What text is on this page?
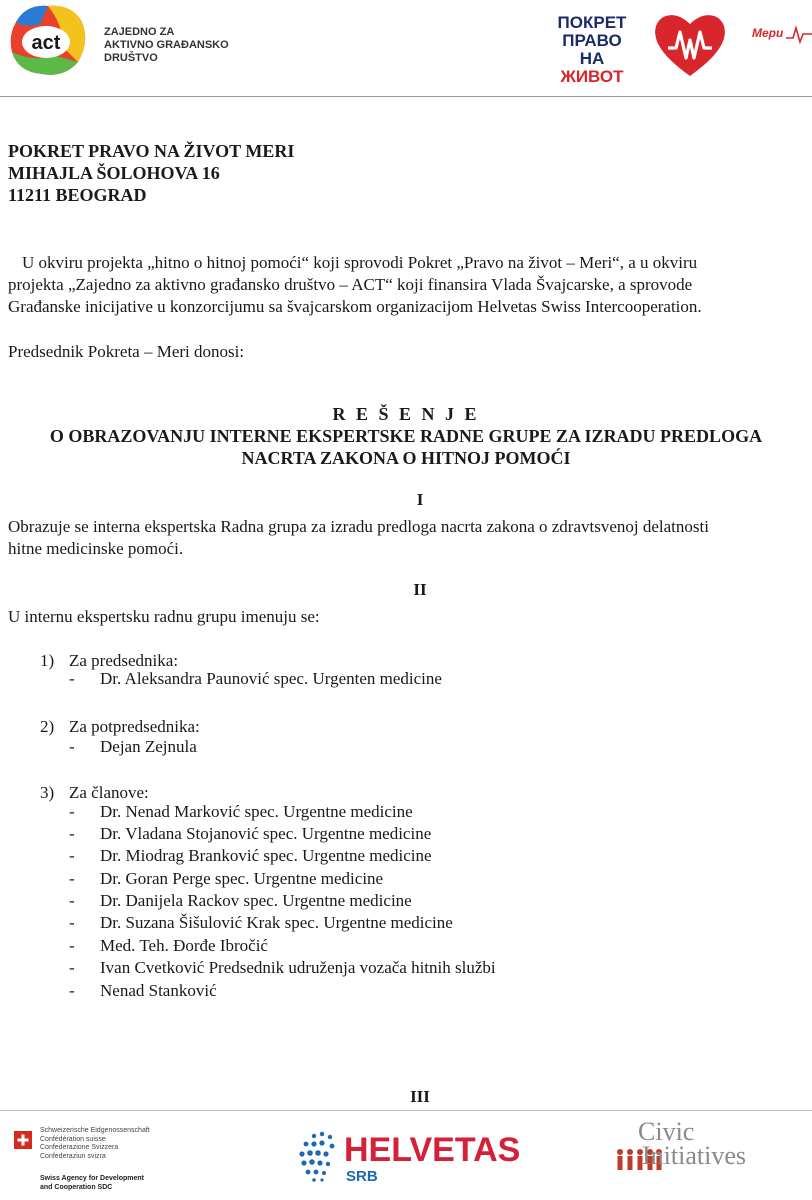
act	ZAJEDNO ZA
AKTIVNO GRAĐANSKO
DRUŠTVO
ПОКРЕТ
ПРАВО НА
ЖИВОТ
Мери
POKRET PRAVO NA ŽIVOT MERI
MIHAJLA ŠOLOHOVA 16
11211 BEOGRAD
U okviru projekta „hitno o hitnoj pomoći“ koji sprovodi Pokret „Pravo na život – Meri“, a u okviru
projekta „Zajedno za aktivno građansko društvo – ACT“ koji finansira Vlada Švajcarske, a sprovode
Građanske inicijative u konzorcijumu sa švajcarskom organizacijom Helvetas Swiss Intercooperation.
Predsednik Pokreta – Meri donosi:
R E Š E N J E
O OBRAZOVANJU INTERNE EKSPERTSKE RADNE GRUPE ZA IZRADU PREDLOGA
NACRTA ZAKONA O HITNOJ POMOĆI
I
Obrazuje se interna ekspertska Radna grupa za izradu predloga nacrta zakona o zdravtsvenoj delatnosti
hitne medicinske pomoći.
II
U internu ekspertsku radnu grupu imenuju se:
1) Za predsednika:
- Dr. Aleksandra Paunović spec. Urgenten medicine
2) Za potpredsednika:
- Dejan Zejnula
3) Za članove:
- Dr. Nenad Marković spec. Urgentne medicine
- Dr. Vladana Stojanović spec. Urgentne medicine
- Dr. Miodrag Branković spec. Urgentne medicine
- Dr. Goran Perge spec. Urgentne medicine
- Dr. Danijela Rackov spec. Urgentne medicine
- Dr. Suzana Šišulović Krak spec. Urgentne medicine
- Med. Teh. Đorđe Ibročić
- Ivan Cvetković Predsednik udruženja vozača hitnih službi
- Nenad Stanković
III
Schweizerische Eidgenossenschaft
Confédération suisse
Confederazione Svizzera
Confederaziun svizra
Swiss Agency for Development
and Cooperation SDC
HELVETAS
SRB
Civic
Initiatives
